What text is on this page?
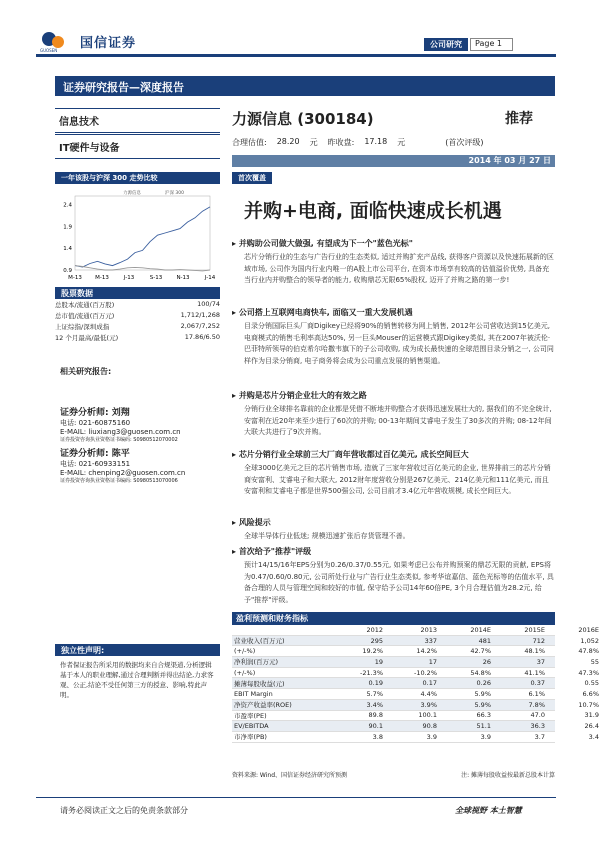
国信证券
GUOSEN
公司研究	Page 1
证券研究报告—深度报告
信息技术
IT硬件与设备
力源信息 (300184)	推荐
合理估值: 28.20 元 昨收盘: 17.18 元	(首次评级)
2014 年 03 月 27 日
一年该股与沪深 300 走势比较
2.4
1.9
1.4
0.9
M-13 M-13	J-13	S-13	N-13	J-14
力源信息	沪深 300
首次覆盖
并购+电商, 面临快速成长机遇
股票数据
总股本/流通(百万股)	100/74
总市值/流通(百万元)	1,712/1,268
上证综指/深圳成指	2,067/7,252
12 个月最高/最低(元)	17.86/6.50
相关研究报告:
证券分析师: 刘翔
电话: 021-60875160
E-MAIL: liuxiang3@guosen.com.cn
证券投资咨询执业资格证书编码: S0980512070002
证券分析师: 陈平
电话: 021-60933151
E-MAIL: chenping2@guosen.com.cn
证券投资咨询执业资格证书编码: S0980513070006
▸ 并购助公司做大做强, 有望成为下一个"蓝色光标"
芯片分销行业的生态与广告行业的生态类似, 适过并购扩充产品线, 获得客户资源以及快速拓展新的区域市场, 公司作为国内行业内唯一的A股上市公司平台, 在资本市场享有较高的估值溢价优势, 具备充当行业内并购整合的领导者的能力, 收购鼎芯无限65%股权, 迈开了并购之路的第一步!
▸ 公司搭上互联网电商快车, 面临又一重大发展机遇
目录分销国际巨头厂商Digikey已经将90%的销售转移为网上销售, 2012年公司营收达到15亿美元, 电商模式的销售毛利率高达50%, 另一巨头Mouser的运营模式跟Digikey类似, 其在2007年被沃伦·巴菲特所领导的伯克希尔哈撒韦旗下的子公司收购, 成为成长最快速的全球范围目录分销之一, 公司同样作为目录分销商, 电子商务将会成为公司重点发展的销售渠道。
▸ 并购是芯片分销企业壮大的有效之路
分销行业全球排名靠前的企业都是凭借不断地并购整合才获得迅速发展壮大的, 据我们的不完全统计, 安富利在近20年来至少进行了60次的并购; 00-13年期间艾睿电子发生了30多次的并购; 08-12年间大联大共进行了9次并购。
▸ 芯片分销行业全球前三大厂商年营收都过百亿美元, 成长空间巨大
全球3000亿美元之巨的芯片销售市场, 造就了三家年营收过百亿美元的企业, 世界排前三的芯片分销商安富利、艾睿电子和大联大, 2012财年度营收分别是267亿美元、214亿美元和111亿美元, 而且安富利和艾睿电子都是世界500强公司, 公司目前才3.4亿元年营收规模, 成长空间巨大。
▸ 风险提示
全球半导体行业低迷; 规模迅速扩张后存货管理不善。
▸ 首次给予"推荐"评级
预计14/15/16年EPS分别为0.26/0.37/0.55元, 如果考虑已公布并购预案的鼎芯无限的贡献, EPS将为0.47/0.60/0.80元, 公司所处行业与广告行业生态类似, 参考华谊嘉信、蓝色光标等的估值水平, 具备合理的人员与管理空间和较好的市值, 保守给予公司14年60倍PE, 3个月合理估值为28.2元, 给予"推荐"评级。
盈利预测和财务指标
2012	2013	2014E	2015E	2016E
营业收入(百万元)	295	337	481	712	1,052
(+/-%)	19.2%	14.2%	42.7%	48.1%	47.8%
净利润(百万元)	19	17	26	37	55
(+/-%)	-21.3%	-10.2%	54.8%	41.1%	47.3%
摊薄每股收益(元)	0.19	0.17	0.26	0.37	0.55
EBIT Margin	5.7%	4.4%	5.9%	6.1%	6.6%
净资产收益率(ROE)	3.4%	3.9%	5.9%	7.8%	10.7%
市盈率(PE)	89.8	100.1	66.3	47.0	31.9
EV/EBITDA	90.1	90.8	51.1	36.3	26.4
市净率(PB)	3.8	3.9	3.9	3.7	3.4
资料来源: Wind、国信证券经济研究所预测	注: 摊薄每股收益按最新总股本计算
独立性声明:
作者保证报告所采用的数据均来自合规渠道,分析逻辑基于本人的职业理解,通过合理判断并得出结论,力求客观、公正,结论不受任何第三方的授意、影响,特此声明。
请务必阅读正文之后的免责条款部分	全球视野 本土智慧
